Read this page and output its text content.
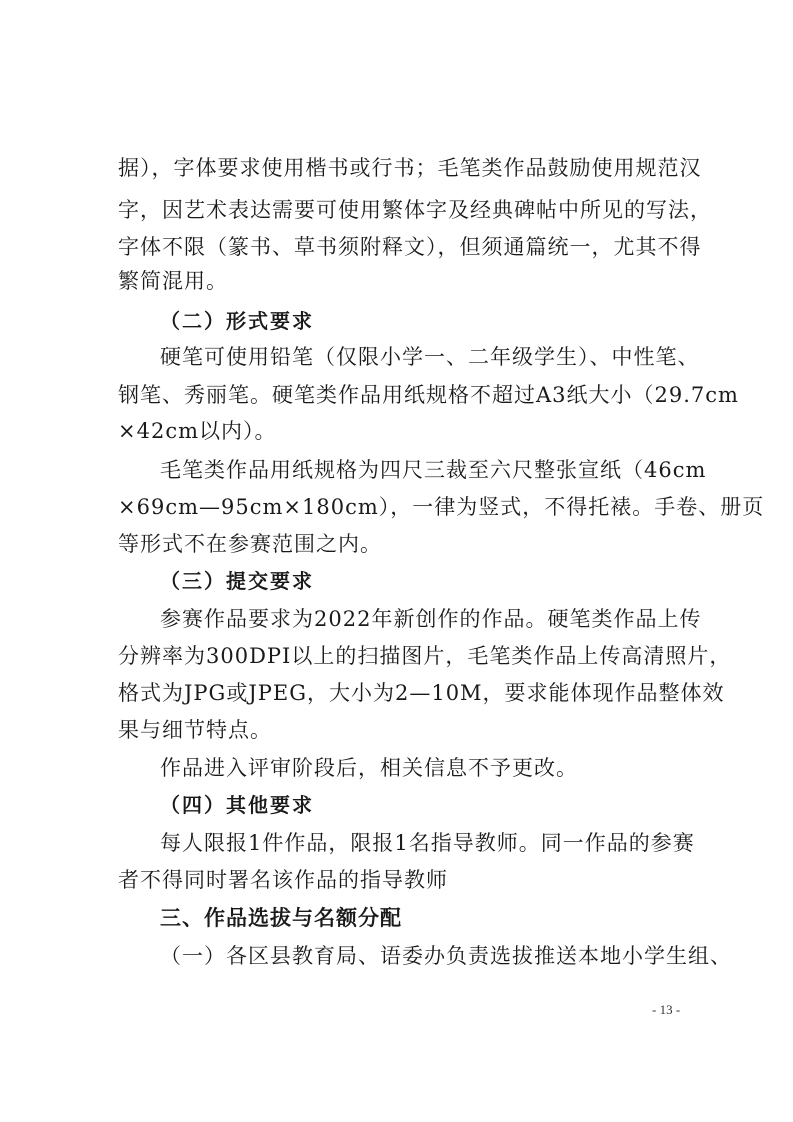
据），字体要求使用楷书或行书；毛笔类作品鼓励使用规范汉
字，因艺术表达需要可使用繁体字及经典碑帖中所见的写法，
字体不限（篆书、草书须附释文），但须通篇统一，尤其不得
繁简混用。
（二）形式要求
硬笔可使用铅笔（仅限小学一、二年级学生）、中性笔、
钢笔、秀丽笔。硬笔类作品用纸规格不超过A3纸大小（29.7cm
×42cm以内）。
毛笔类作品用纸规格为四尺三裁至六尺整张宣纸（46cm
×69cm—95cm×180cm），一律为竖式，不得托裱。手卷、册页
等形式不在参赛范围之内。
（三）提交要求
参赛作品要求为2022年新创作的作品。硬笔类作品上传
分辨率为300DPI以上的扫描图片，毛笔类作品上传高清照片，
格式为JPG或JPEG，大小为2—10M，要求能体现作品整体效
果与细节特点。
作品进入评审阶段后，相关信息不予更改。
（四）其他要求
每人限报1件作品，限报1名指导教师。同一作品的参赛
者不得同时署名该作品的指导教师
三、作品选拔与名额分配
（一）各区县教育局、语委办负责选拔推送本地小学生组、
- 13 -
